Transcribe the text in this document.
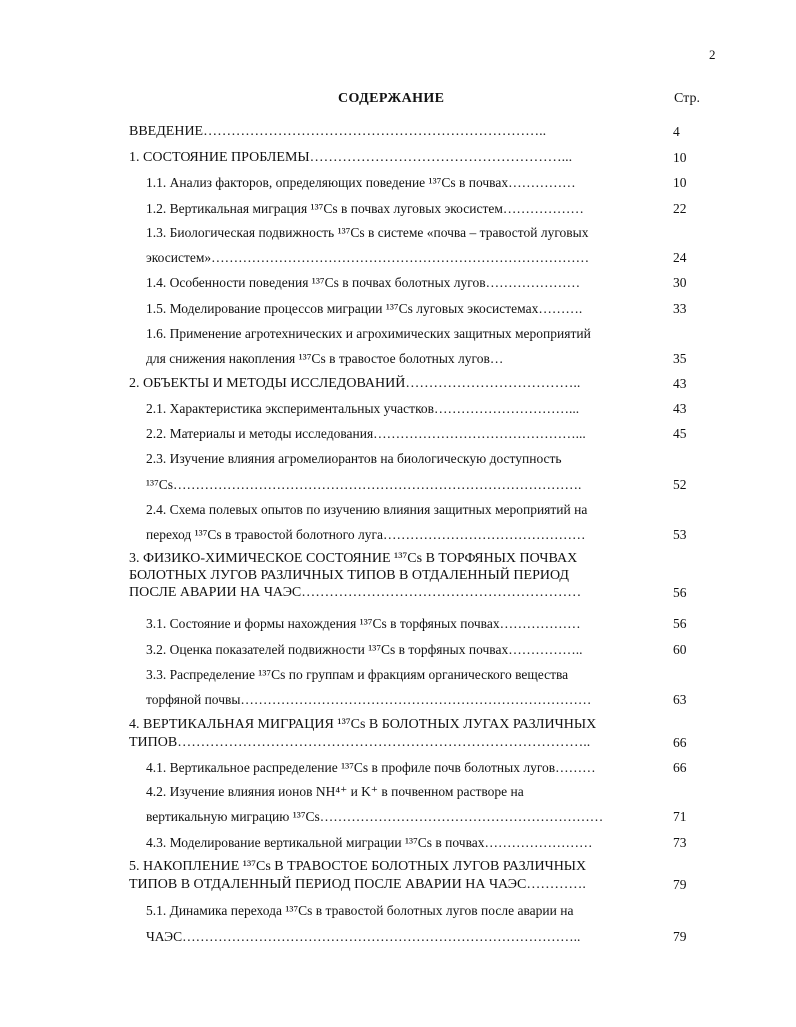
2
СОДЕРЖАНИЕ	Стр.
ВВЕДЕНИЕ………………………………………………………………..	4
1. СОСТОЯНИЕ ПРОБЛЕМЫ………………………………………………...	10
1.1. Анализ факторов, определяющих поведение ¹³⁷Cs в почвах……………	10
1.2. Вертикальная миграция ¹³⁷Cs в почвах луговых экосистем………………	22
1.3. Биологическая подвижность ¹³⁷Cs в системе «почва – травостой луговых
экосистем»…………………………………………………………………………	24
1.4. Особенности поведения ¹³⁷Cs в почвах болотных лугов…………………	30
1.5. Моделирование процессов миграции ¹³⁷Cs луговых экосистемах……….	33
1.6. Применение агротехнических и агрохимических защитных мероприятий
для снижения накопления ¹³⁷Cs в травостое болотных лугов…	35
2. ОБЪЕКТЫ И МЕТОДЫ ИССЛЕДОВАНИЙ………………………………..	43
2.1. Характеристика экспериментальных участков…………………………...	43
2.2. Материалы и методы исследования………………………………………...	45
2.3. Изучение влияния агромелиорантов на биологическую доступность
¹³⁷Cs……………………………………………………………………………….	52
2.4. Схема полевых опытов по изучению влияния защитных мероприятий на
переход ¹³⁷Cs в травостой болотного луга………………………………………	53
3. ФИЗИКО-ХИМИЧЕСКОЕ СОСТОЯНИЕ ¹³⁷Cs В ТОРФЯНЫХ ПОЧВАХ
БОЛОТНЫХ ЛУГОВ РАЗЛИЧНЫХ ТИПОВ В ОТДАЛЕННЫЙ ПЕРИОД
ПОСЛЕ АВАРИИ НА ЧАЭС……………………………………………………	56
3.1. Состояние и формы нахождения ¹³⁷Cs в торфяных почвах………………	56
3.2. Оценка показателей подвижности ¹³⁷Cs в торфяных почвах……………..	60
3.3. Распределение ¹³⁷Cs по группам и фракциям органического вещества
торфяной почвы……………………………………………………………………	63
4. ВЕРТИКАЛЬНАЯ МИГРАЦИЯ ¹³⁷Cs В БОЛОТНЫХ ЛУГАХ РАЗЛИЧНЫХ
ТИПОВ……………………………………………………………………………..	66
4.1. Вертикальное распределение ¹³⁷Cs в профиле почв болотных лугов………	66
4.2. Изучение влияния ионов NH⁴⁺ и K⁺ в почвенном растворе на
вертикальную миграцию ¹³⁷Cs………………………………………………………	71
4.3. Моделирование вертикальной миграции ¹³⁷Cs в почвах……………………	73
5. НАКОПЛЕНИЕ ¹³⁷Cs В ТРАВОСТОЕ БОЛОТНЫХ ЛУГОВ РАЗЛИЧНЫХ
ТИПОВ В ОТДАЛЕННЫЙ ПЕРИОД ПОСЛЕ АВАРИИ НА ЧАЭС………….	79
5.1. Динамика перехода ¹³⁷Cs в травостой болотных лугов после аварии на
ЧАЭС……………………………………………………………………………..	79
